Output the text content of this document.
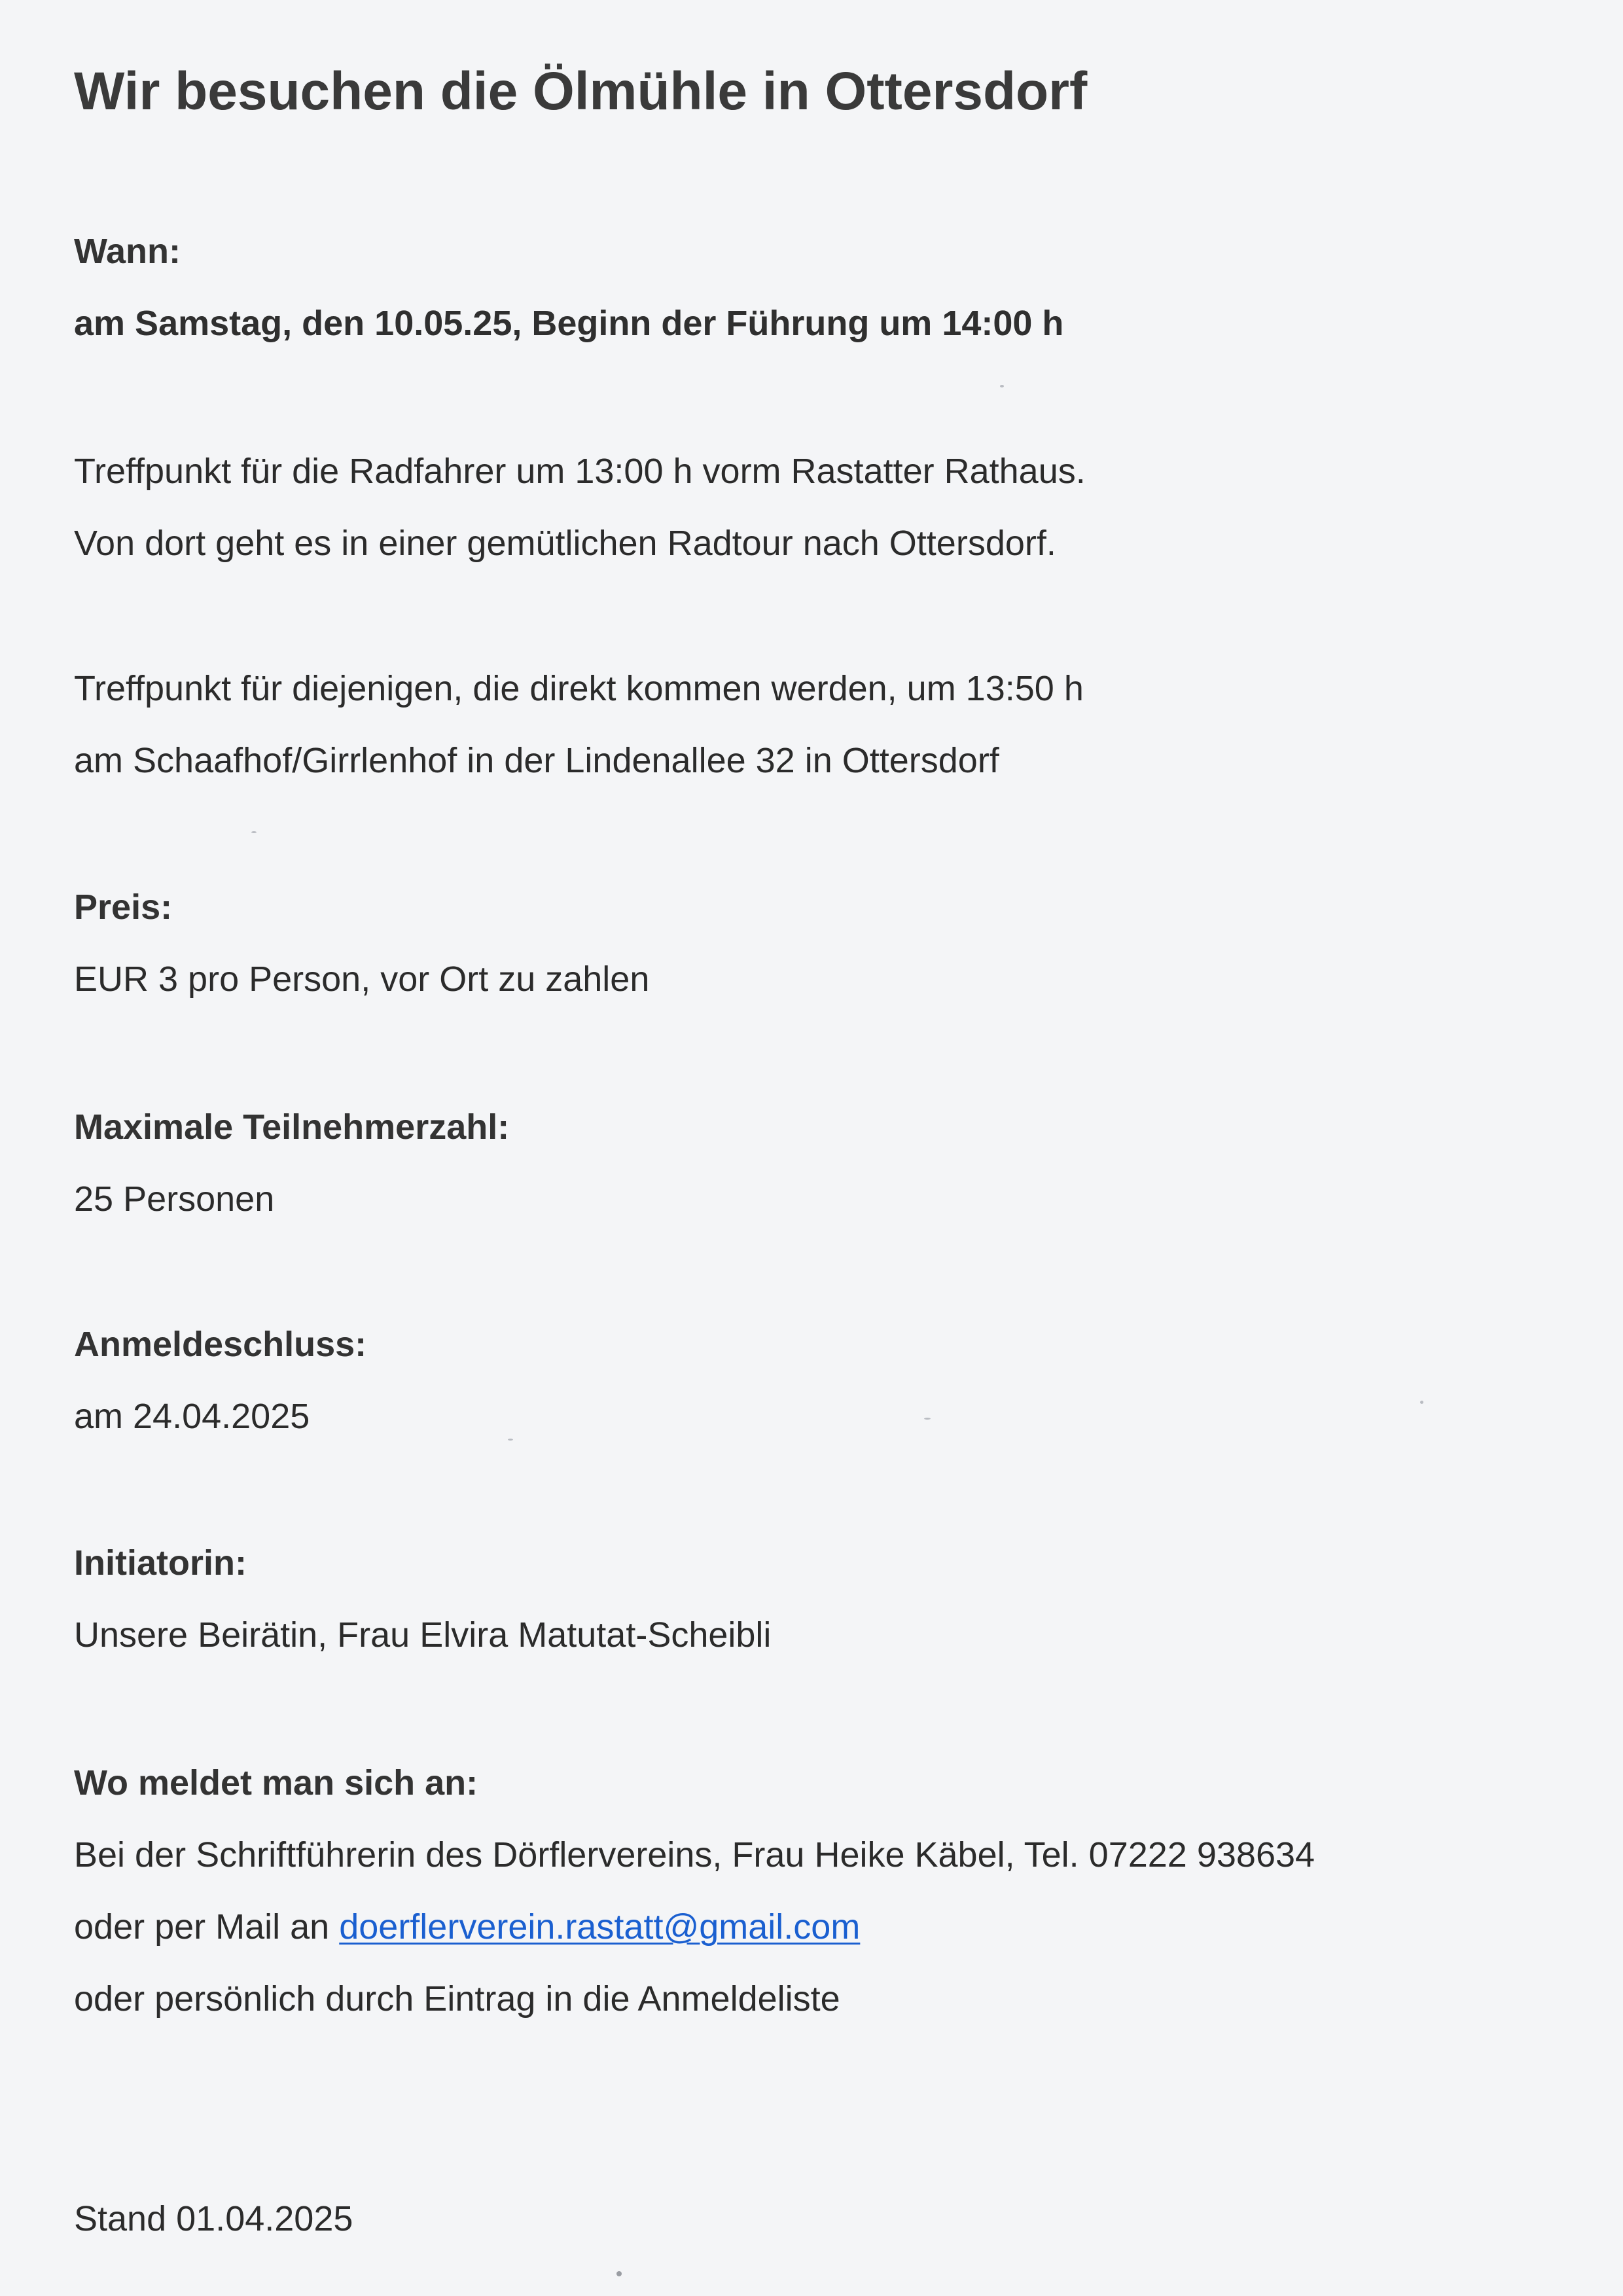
Wir besuchen die Ölmühle in Ottersdorf
Wann:
am Samstag, den 10.05.25, Beginn der Führung um 14:00 h
Treffpunkt für die Radfahrer um 13:00 h vorm Rastatter Rathaus.
Von dort geht es in einer gemütlichen Radtour nach Ottersdorf.
Treffpunkt für diejenigen, die direkt kommen werden, um 13:50 h
am Schaafhof/Girrlenhof in der Lindenallee 32 in Ottersdorf
Preis:
EUR 3 pro Person, vor Ort zu zahlen
Maximale Teilnehmerzahl:
25 Personen
Anmeldeschluss:
am 24.04.2025
Initiatorin:
Unsere Beirätin, Frau Elvira Matutat-Scheibli
Wo meldet man sich an:
Bei der Schriftführerin des Dörflervereins, Frau Heike Käbel, Tel. 07222 938634
oder per Mail an doerflerverein.rastatt@gmail.com
oder persönlich durch Eintrag in die Anmeldeliste
Stand 01.04.2025
